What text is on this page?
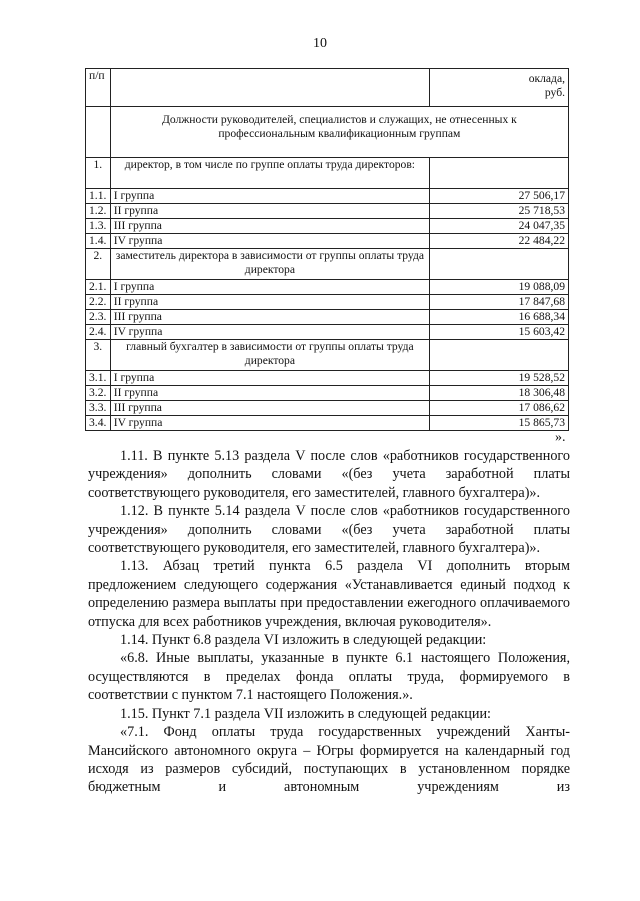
10
п/п		оклада,
руб.
	Должности руководителей, специалистов и служащих, не отнесенных к профессиональным квалификационным группам	
1.	директор, в том числе по группе оплаты труда директоров:	
1.1.	I группа	27 506,17
1.2.	II группа	25 718,53
1.3.	III группа	24 047,35
1.4.	IV группа	22 484,22
2.	заместитель директора в зависимости от группы оплаты труда директора	
2.1.	I группа	19 088,09
2.2.	II группа	17 847,68
2.3.	III группа	16 688,34
2.4.	IV группа	15 603,42
3.	главный бухгалтер в зависимости от группы оплаты труда директора	
3.1.	I группа	19 528,52
3.2.	II группа	18 306,48
3.3.	III группа	17 086,62
3.4.	IV группа	15 865,73
».

1.11. В пункте 5.13 раздела V после слов «работников государственного учреждения» дополнить словами «(без учета заработной платы соответствующего руководителя, его заместителей, главного бухгалтера)».

1.12. В пункте 5.14 раздела V после слов «работников государственного учреждения» дополнить словами «(без учета заработной платы соответствующего руководителя, его заместителей, главного бухгалтера)».

1.13. Абзац третий пункта 6.5 раздела VI дополнить вторым предложением следующего содержания «Устанавливается единый подход к определению размера выплаты при предоставлении ежегодного оплачиваемого отпуска для всех работников учреждения, включая руководителя».

1.14. Пункт 6.8 раздела VI изложить в следующей редакции:

«6.8. Иные выплаты, указанные в пункте 6.1 настоящего Положения, осуществляются в пределах фонда оплаты труда, формируемого в соответствии с пунктом 7.1 настоящего Положения.».

1.15. Пункт 7.1 раздела VII изложить в следующей редакции:

«7.1. Фонд оплаты труда государственных учреждений Ханты-Мансийского автономного округа – Югры формируется на календарный год исходя из размеров субсидий, поступающих в установленном порядке бюджетным и автономным учреждениям из
